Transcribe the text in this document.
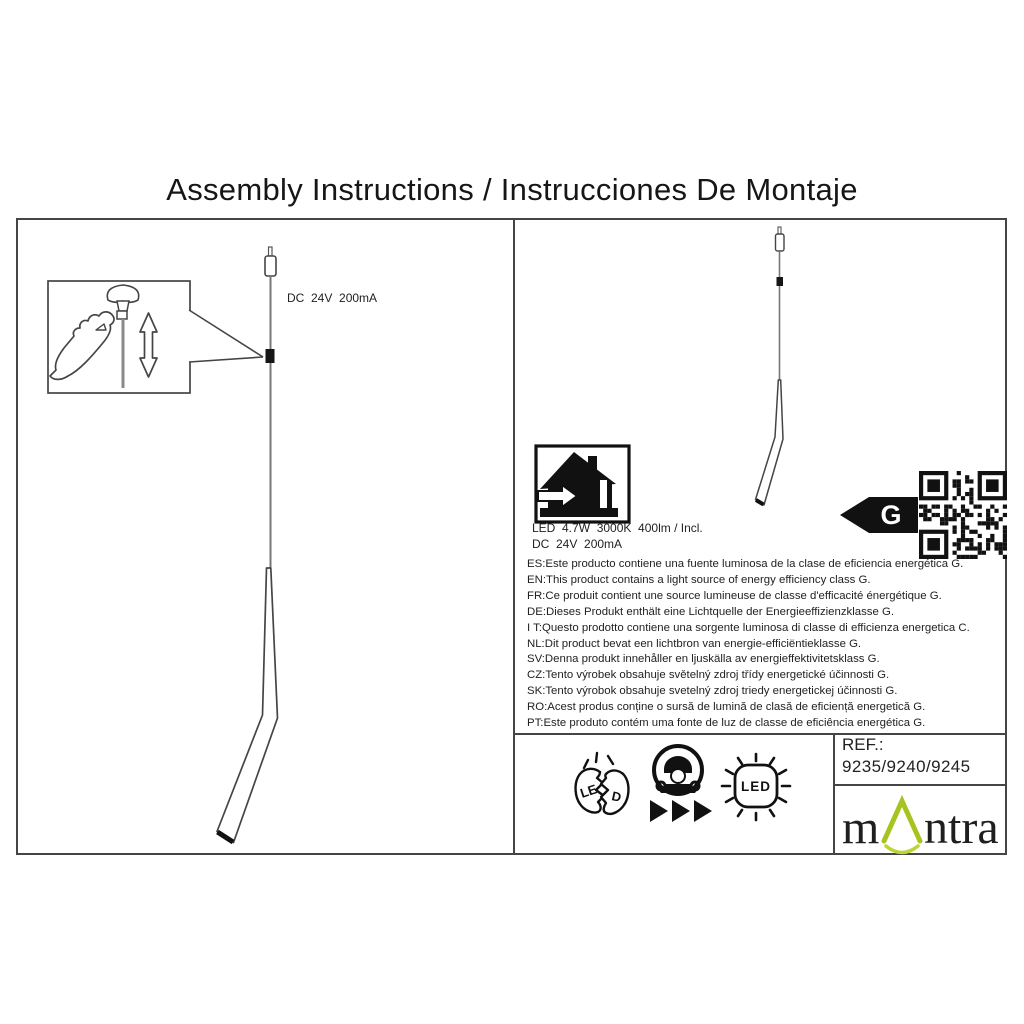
Assembly Instructions / Instrucciones De Montaje
DC  24V  200mA
G
LED  4.7W  3000K  400lm / Incl.
DC  24V  200mA
ES:Este producto contiene una fuente luminosa de la clase de eficiencia energética G.
EN:This product contains a light source of energy efficiency class G.
FR:Ce produit contient une source lumineuse de classe d'efficacité énergétique G.
DE:Dieses Produkt enthält eine Lichtquelle der Energieeffizienzklasse G.
I T:Questo prodotto contiene una sorgente luminosa di classe di efficienza energetica C.
NL:Dit product bevat een lichtbron van energie-efficiëntieklasse G.
SV:Denna produkt innehåller en ljuskälla av energieffektivitetsklass G.
CZ:Tento výrobek obsahuje světelný zdroj třídy energetické účinnosti G.
SK:Tento výrobok obsahuje svetelný zdroj triedy energetickej účinnosti G.
RO:Acest produs conține o sursă de lumină de clasă de eficiență energetică G.
PT:Este produto contém uma fonte de luz de classe de eficiência energética G.
LE D
LED
REF.:
9235/9240/9245
m ntra
